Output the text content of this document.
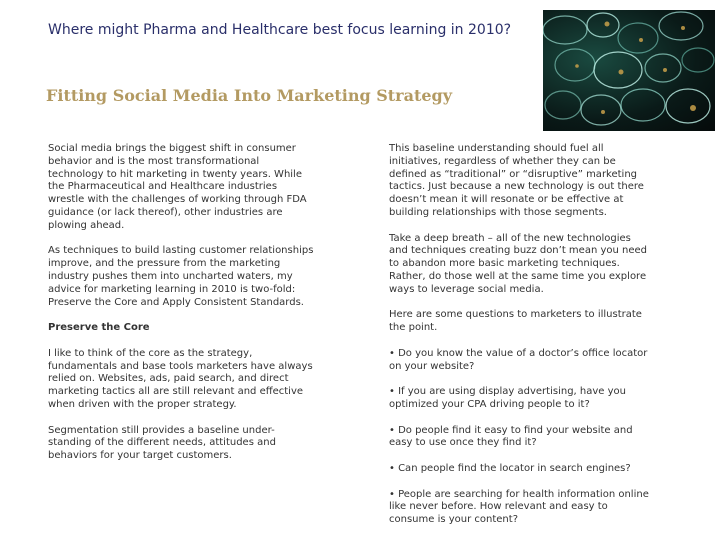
Where might Pharma and Healthcare best focus learning in 2010?
Fitting Social Media Into Marketing Strategy

Social media brings the biggest shift in consumer
behavior and is the most transformational
technology to hit marketing in twenty years. While
the Pharmaceutical and Healthcare industries
wrestle with the challenges of working through FDA
guidance (or lack thereof), other industries are
plowing ahead.

As techniques to build lasting customer relationships
improve, and the pressure from the marketing
industry pushes them into uncharted waters, my
advice for marketing learning in 2010 is two-fold:
Preserve the Core and Apply Consistent Standards.

Preserve the Core

I like to think of the core as the strategy,
fundamentals and base tools marketers have always
relied on. Websites, ads, paid search, and direct
marketing tactics all are still relevant and effective
when driven with the proper strategy.

Segmentation still provides a baseline under-
standing of the different needs, attitudes and
behaviors for your target customers.

This baseline understanding should fuel all
initiatives, regardless of whether they can be
defined as “traditional” or “disruptive” marketing
tactics. Just because a new technology is out there
doesn’t mean it will resonate or be effective at
building relationships with those segments.

Take a deep breath – all of the new technologies
and techniques creating buzz don’t mean you need
to abandon more basic marketing techniques.
Rather, do those well at the same time you explore
ways to leverage social media.

Here are some questions to marketers to illustrate
the point.

• Do you know the value of a doctor’s office locator
on your website?

• If you are using display advertising, have you
optimized your CPA driving people to it?

• Do people find it easy to find your website and
easy to use once they find it?

• Can people find the locator in search engines?

• People are searching for health information online
like never before. How relevant and easy to
consume is your content?
